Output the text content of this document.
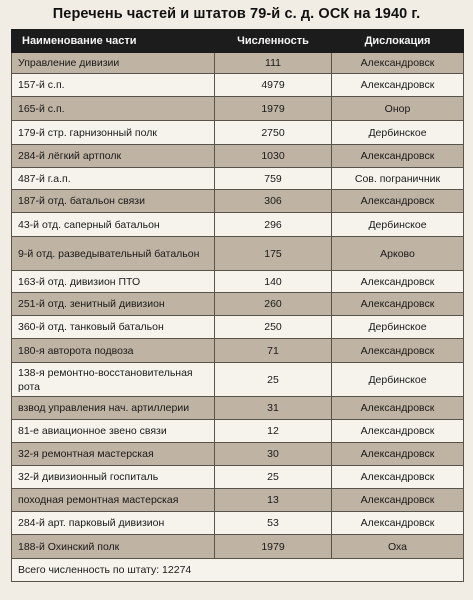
Перечень частей и штатов 79-й с. д. ОСК на 1940 г.
Наименование части	Численность	Дислокация
Управление дивизии	111	Александровск
157-й с.п.	4979	Александровск
165-й с.п.	1979	Онор
179-й стр. гарнизонный полк	2750	Дербинское
284-й лёгкий артполк	1030	Александровск
487-й г.а.п.	759	Сов. пограничник
187-й отд. батальон связи	306	Александровск
43-й отд. саперный батальон	296	Дербинское
9-й отд. разведывательный батальон	175	Арково
163-й отд. дивизион ПТО	140	Александровск
251-й отд. зенитный дивизион	260	Александровск
360-й отд. танковый батальон	250	Дербинское
180-я авторота подвоза	71	Александровск
138-я ремонтно-восстановительная рота	25	Дербинское
взвод управления нач. артиллерии	31	Александровск
81-е авиационное звено связи	12	Александровск
32-я ремонтная мастерская	30	Александровск
32-й дивизионный госпиталь	25	Александровск
походная ремонтная мастерская	13	Александровск
284-й арт. парковый дивизион	53	Александровск
188-й Охинский полк	1979	Оха
Всего численность по штату: 12274		
